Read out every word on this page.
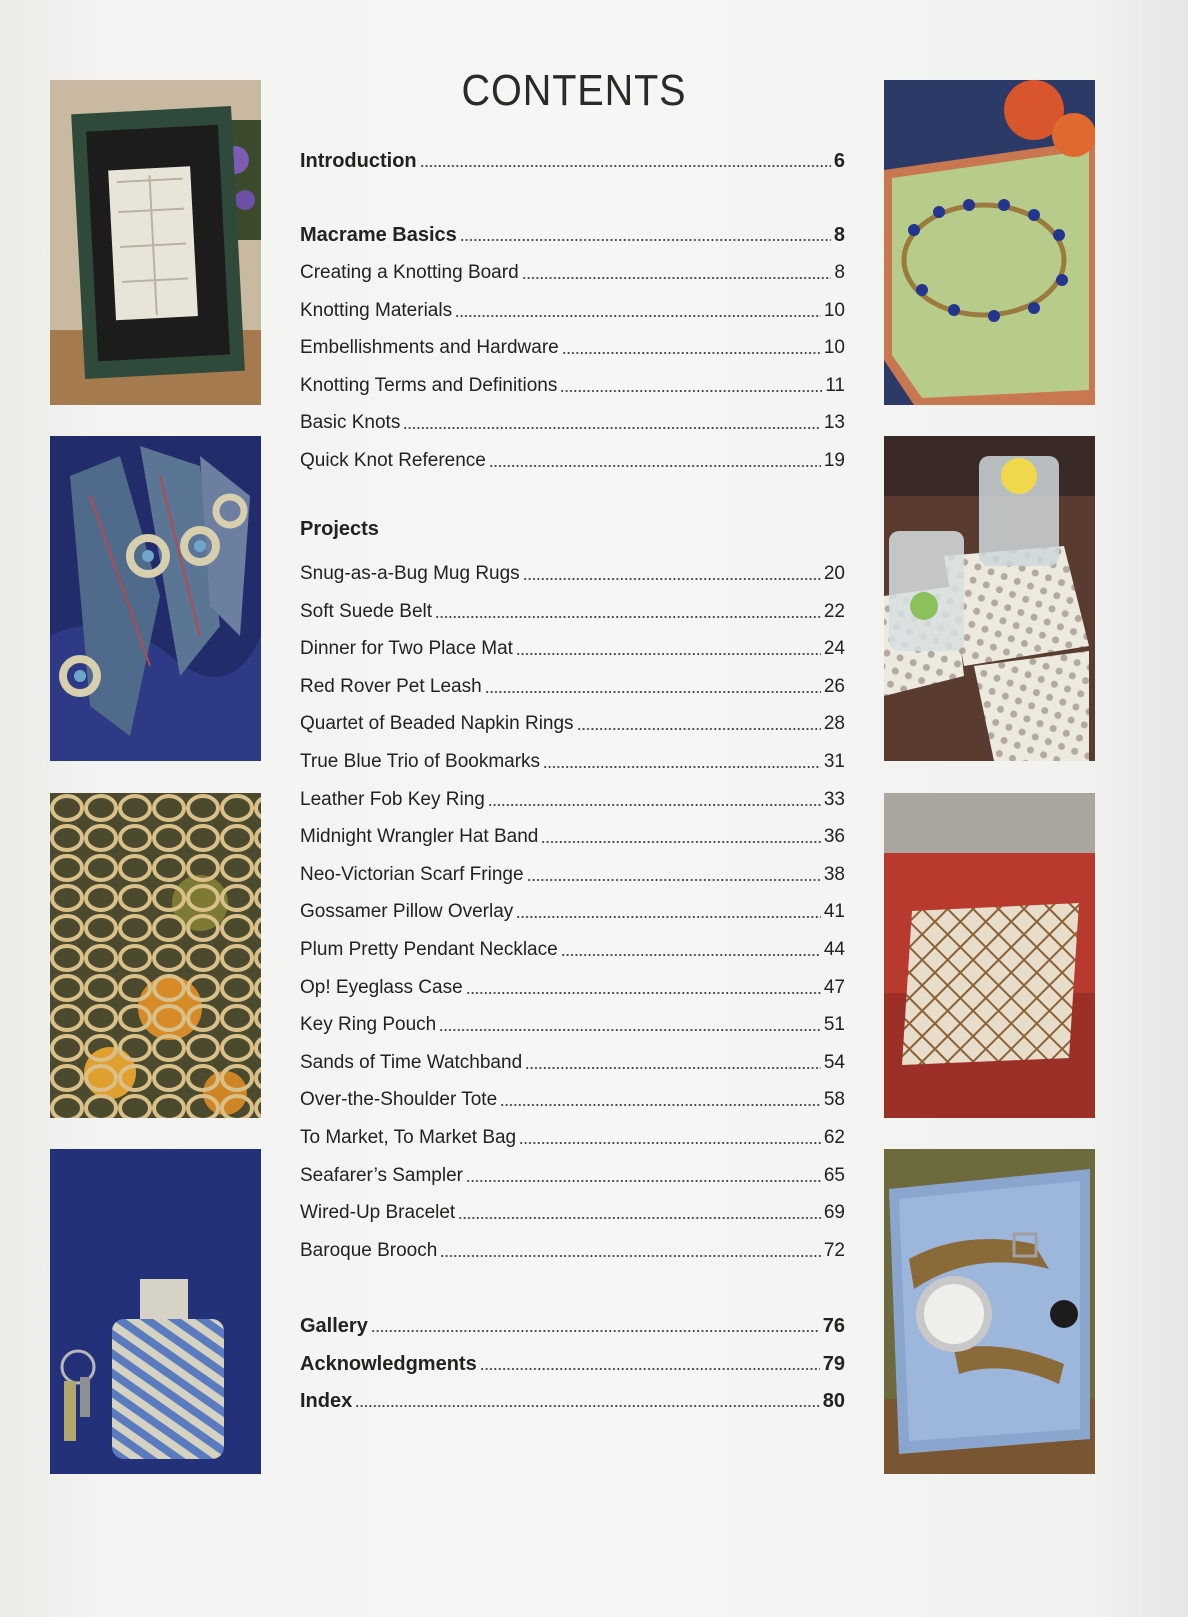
CONTENTS
Introduction	6
Macrame Basics	8
Creating a Knotting Board	8
Knotting Materials	10
Embellishments and Hardware	10
Knotting Terms and Definitions	11
Basic Knots	13
Quick Knot Reference	19
Projects
Snug-as-a-Bug Mug Rugs	20
Soft Suede Belt	22
Dinner for Two Place Mat	24
Red Rover Pet Leash	26
Quartet of Beaded Napkin Rings	28
True Blue Trio of Bookmarks	31
Leather Fob Key Ring	33
Midnight Wrangler Hat Band	36
Neo-Victorian Scarf Fringe	38
Gossamer Pillow Overlay	41
Plum Pretty Pendant Necklace	44
Op! Eyeglass Case	47
Key Ring Pouch	51
Sands of Time Watchband	54
Over-the-Shoulder Tote	58
To Market, To Market Bag	62
Seafarer’s Sampler	65
Wired-Up Bracelet	69
Baroque Brooch	72
Gallery	76
Acknowledgments	79
Index	80
